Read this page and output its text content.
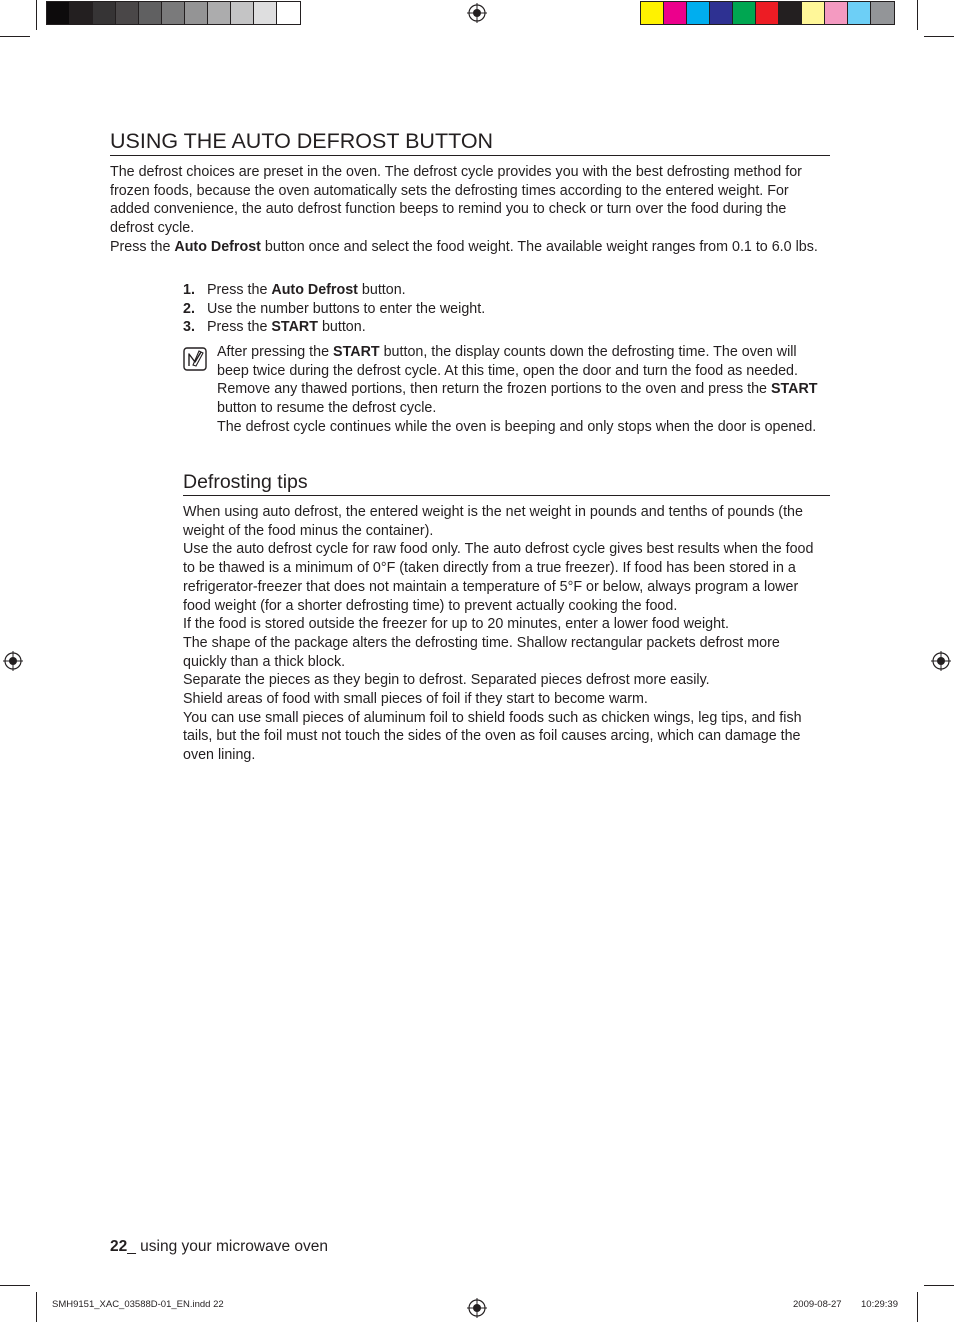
USING THE AUTO DEFROST BUTTON
The defrost choices are preset in the oven. The defrost cycle provides you with the best defrosting method for frozen foods, because the oven automatically sets the defrosting times according to the entered weight. For added convenience, the auto defrost function beeps to remind you to check or turn over the food during the defrost cycle.
Press the Auto Defrost button once and select the food weight. The available weight ranges from 0.1 to 6.0 lbs.
1. Press the Auto Defrost button.
2. Use the number buttons to enter the weight.
3. Press the START button.
After pressing the START button, the display counts down the defrosting time. The oven will beep twice during the defrost cycle. At this time, open the door and turn the food as needed. Remove any thawed portions, then return the frozen portions to the oven and press the START button to resume the defrost cycle.
The defrost cycle continues while the oven is beeping and only stops when the door is opened.
Defrosting tips
When using auto defrost, the entered weight is the net weight in pounds and tenths of pounds (the weight of the food minus the container).
Use the auto defrost cycle for raw food only. The auto defrost cycle gives best results when the food to be thawed is a minimum of 0°F (taken directly from a true freezer). If food has been stored in a refrigerator-freezer that does not maintain a temperature of 5°F or below, always program a lower food weight (for a shorter defrosting time) to prevent actually cooking the food.
If the food is stored outside the freezer for up to 20 minutes, enter a lower food weight.
The shape of the package alters the defrosting time. Shallow rectangular packets defrost more quickly than a thick block.
Separate the pieces as they begin to defrost. Separated pieces defrost more easily.
Shield areas of food with small pieces of foil if they start to become warm.
You can use small pieces of aluminum foil to shield foods such as chicken wings, leg tips, and fish tails, but the foil must not touch the sides of the oven as foil causes arcing, which can damage the oven lining.
22_ using your microwave oven
SMH9151_XAC_03588D-01_EN.indd 22	2009-08-27 10:29:39
